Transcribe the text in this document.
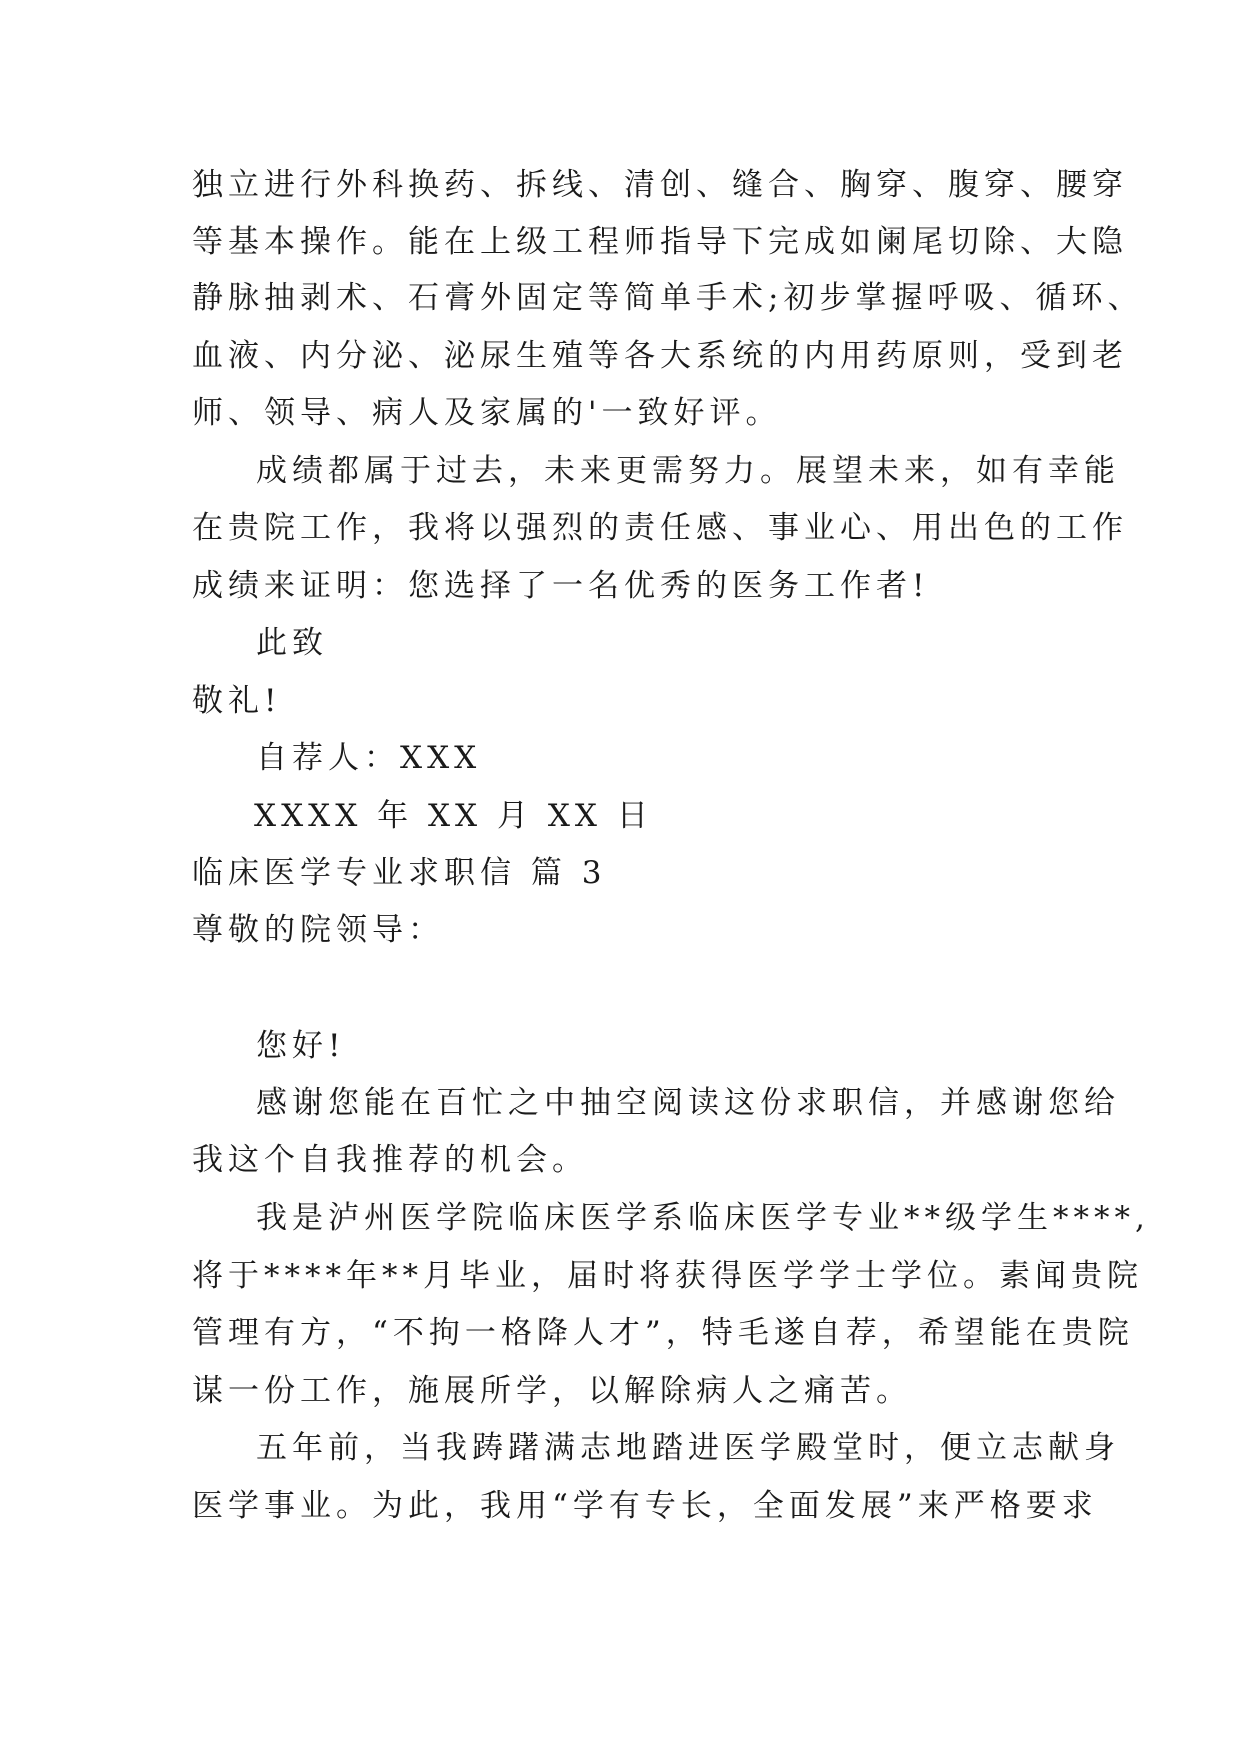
独立进行外科换药、拆线、清创、缝合、胸穿、腹穿、腰穿
等基本操作。能在上级工程师指导下完成如阑尾切除、大隐
静脉抽剥术、石膏外固定等简单手术;初步掌握呼吸、循环、
血液、内分泌、泌尿生殖等各大系统的内用药原则，受到老
师、领导、病人及家属的'一致好评。
成绩都属于过去，未来更需努力。展望未来，如有幸能
在贵院工作，我将以强烈的责任感、事业心、用出色的工作
成绩来证明：您选择了一名优秀的医务工作者!
此致
敬礼!
自荐人：XXX
XXXX 年 XX 月 XX 日
临床医学专业求职信 篇 3
尊敬的院领导：
您好!
感谢您能在百忙之中抽空阅读这份求职信，并感谢您给
我这个自我推荐的机会。
我是泸州医学院临床医学系临床医学专业**级学生****,
将于****年**月毕业，届时将获得医学学士学位。素闻贵院
管理有方，“不拘一格降人才”，特毛遂自荐，希望能在贵院
谋一份工作，施展所学，以解除病人之痛苦。
五年前，当我踌躇满志地踏进医学殿堂时，便立志献身
医学事业。为此，我用“学有专长，全面发展”来严格要求
